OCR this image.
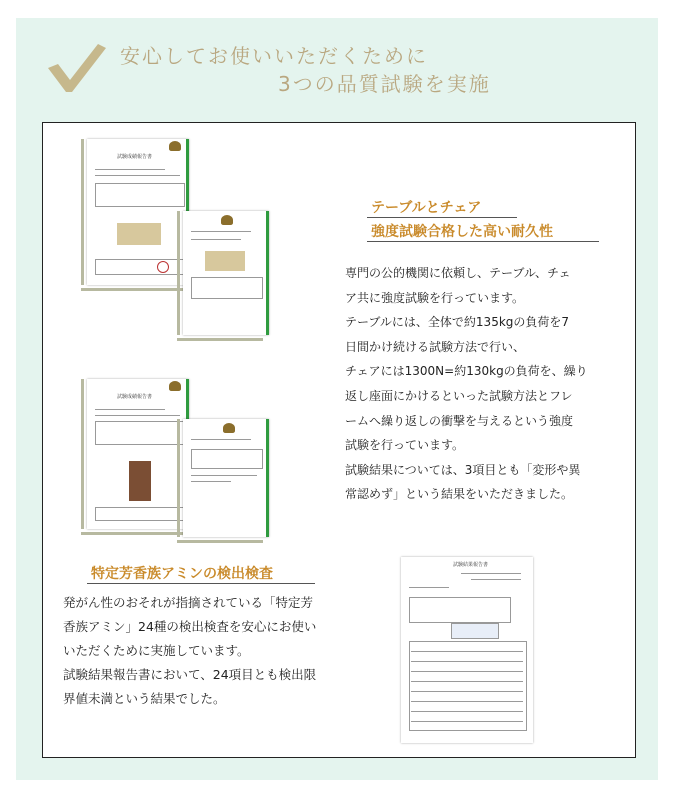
安心してお使いいただくために
3つの品質試験を実施
試験成績報告書
試験成績報告書
テーブルとチェア
強度試験合格した高い耐久性
専門の公的機関に依頼し、テーブル、チェ
ア共に強度試験を行っています。
テーブルには、全体で約135kgの負荷を7
日間かけ続ける試験方法で行い、
チェアには1300N=約130kgの負荷を、繰り
返し座面にかけるといった試験方法とフレ
ームへ繰り返しの衝撃を与えるという強度
試験を行っています。
試験結果については、3項目とも「変形や異
常認めず」という結果をいただきました。
特定芳香族アミンの検出検査
発がん性のおそれが指摘されている「特定芳
香族アミン」24種の検出検査を安心にお使い
いただくために実施しています。
試験結果報告書において、24項目とも検出限
界値未満という結果でした。
試験結果報告書
